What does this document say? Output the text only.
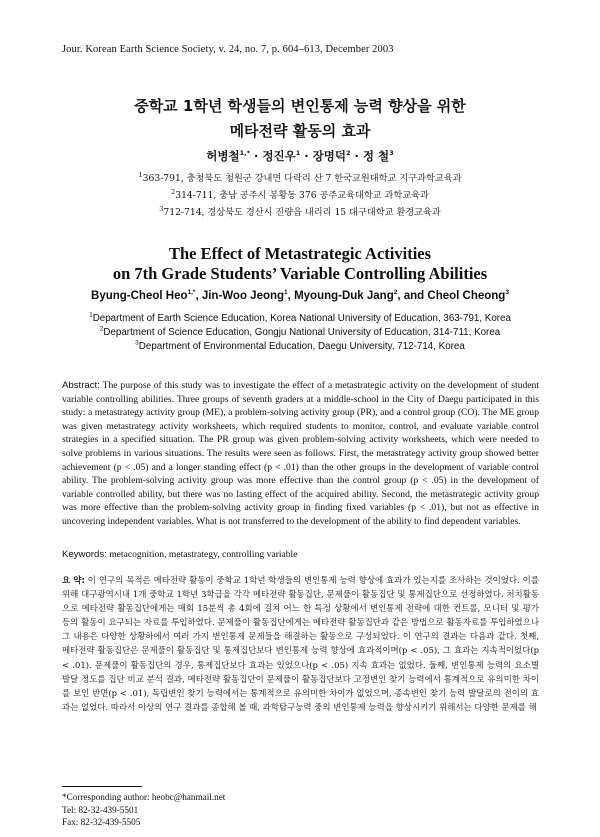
Jour. Korean Earth Science Society, v. 24, no. 7, p. 604–613, December 2003
중학교 1학년 학생들의 변인통제 능력 향상을 위한
메타전략 활동의 효과
허병철$^{1,*}$ · 정진우$^1$ · 장명덕$^2$ · 정 철$^3$
$^1$363-791, 충청북도 청원군 강내면 다락리 산 7 한국교원대학교 지구과학교육과
$^2$314-711, 충남 공주시 봉황동 376 공주교육대학교 과학교육과
$^3$712-714, 경상북도 경산시 진량읍 내리리 15 대구대학교 환경교육과
The Effect of Metastrategic Activities
on 7th Grade Students’ Variable Controlling Abilities
Byung-Cheol Heo$^{1,*}$, Jin-Woo Jeong$^1$, Myoung-Duk Jang$^2$, and Cheol Cheong$^3$
$^1$Department of Earth Science Education, Korea National University of Education, 363-791, Korea
$^2$Department of Science Education, Gongju National University of Education, 314-711, Korea
$^3$Department of Environmental Education, Daegu University, 712-714, Korea
Abstract: The purpose of this study was to investigate the effect of a metastrategic activity on the development of student variable controlling abilities. Three groups of seventh graders at a middle-school in the City of Daegu participated in this study: a metastrategy activity group (ME), a problem-solving activity group (PR), and a control group (CO). The ME group was given metastrategy activity worksheets, which required students to monitor, control, and evaluate variable control strategies in a specified situation. The PR group was given problem-solving activity worksheets, which were needed to solve problems in various situations. The results were seen as follows. First, the metastrategy activity group showed better achievement (p < .05) and a longer standing effect (p < .01) than the other groups in the development of variable control ability. The problem-solving activity group was more effective than the control group (p < .05) in the development of variable controlled ability, but there was no lasting effect of the acquired ability. Second, the metastrategic activity group was more effective than the problem-solving activity group in finding fixed variables (p < .01), but not as effective in uncovering independent variables. What is not transferred to the development of the ability to find dependent variables.
Keywords: metacognition, metastrategy, controlling variable
요 약: 이 연구의 목적은 메타전략 활동이 중학교 1학년 학생들의 변인통제 능력 향상에 효과가 있는지를 조사하는 것이었다. 이를 위해 대구광역시내 1개 중학교 1학년 3학급을 각각 메타전략 활동집단, 문제풀이 활동집단 및 통제집단으로 선정하였다. 처치활동으로 메타전략 활동집단에게는 매회 15분씩 총 4회에 걸쳐 어느 한 특정 상황에서 변인통제 전략에 대한 컨트롤, 모니터 및 평가 등의 활동이 요구되는 자료를 투입하였다. 문제풀이 활동집단에게는 메타전략 활동집단과 같은 방법으로 활동자료를 투입하였으나 그 내용은 다양한 상황하에서 여러 가지 변인통제 문제들을 해결하는 활동으로 구성되었다. 이 연구의 결과는 다음과 같다. 첫째, 메타전략 활동집단은 문제풀이 활동집단 및 통제집단보다 변인통제 능력 향상에 효과적이며(p < .05), 그 효과는 지속적이었다(p < .01). 문제풀이 활동집단의 경우, 통제집단보다 효과는 있었으나(p < .05) 지속 효과는 없었다. 둘째, 변인통제 능력의 요소별 발달 정도를 집단 비교 분석 결과, 메타전략 활동집단이 문제풀이 활동집단보다 고정변인 찾기 능력에서 통계적으로 유의미한 차이를 보인 반면(p < .01), 독립변인 찾기 능력에서는 통계적으로 유의미한 차이가 없었으며, 종속변인 찾기 능력 발달로의 전이의 효과는 없었다. 따라서 이상의 연구 결과를 종합해 볼 때, 과학탐구능력 중의 변인통제 능력을 향상시키기 위해서는 다양한 문제를 해
*Corresponding author: heobc@hanmail.net
Tel: 82-32-439-5501
Fax: 82-32-439-5505
